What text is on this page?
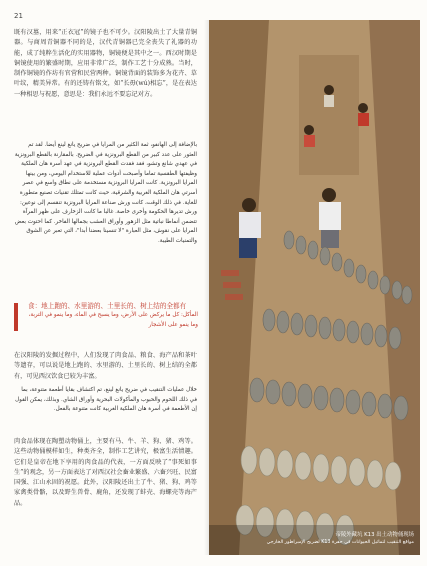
21

既有汉墓，用来“正衣冠”的镜子也不可少。汉阳陵出土了大量青铜器。与商周青铜器不同的是，汉代青铜器已完全丧失了礼器的功能，成了纯粹生活化的实用器物，铜镜便是其中之一。西汉时期是铜镜使用的繁盛时期，应用非常广泛，制作工艺十分成熟。当时，制作铜镜的作坊有官营和民营两种。铜镜背面的装饰多为花卉、草叶纹，精美异常。有的还铸有铭文，如“长毋(wú)相忘”，是在表达一种相思与祝愿，意思是：我们永远不要忘记对方。

بالإضافة إلى الهانفو، ثمة الكثير من المرايا في ضريح يانغ لينغ أيضا. لقد تم العثور على عدد كبير من القطع البرونزية في الضريح. بالمقارنة بالقطع البرونزية في عهدي شانغ وتشو، فقد فقدت القطع البرونزية في عهد أسرة هان الملكية وظيفتها الطقسية تماما وأصبحت أدوات عملية للاستخدام اليومي، ومن بينها المرايا البرونزية. كانت المرايا البرونزية مستخدمة على نطاق واسع في عصر أسرتي هان الملكية الغربية والشرقية، حيث كانت تمتلك تقنيات تصنيع متطورة للغاية. في ذلك الوقت، كانت ورش صناعة المرايا البرونزية تنقسم إلى نوعين: ورش تديرها الحكومة وأخرى خاصة. غالبا ما كانت الزخارف على ظهر المرآة تتضمن أنماطا نباتية مثل الزهور وأوراق العشب بجمالها الفاخر. كما احتوت بعض المرايا على نقوش، مثل العبارة "لا تنسينا بعضنا أبدا"، التي تعبر عن الشوق والتمنيات الطيبة.

食：地上跑的、水里游的、土里长的、树上结的全都有

المأكل: كل ما يركض على الأرض، وما يسبح في الماء، وما ينمو في التربة، وما ينمو على الأشجار

在汉阳陵的发掘过程中，人们发现了肉食品、粮食、海产品和茶叶等遗存，可以说是地上跑的、水里游的、土里长的、树上结的全都有，可见西汉饮食已较为丰富。

خلال عمليات التنقيب في ضريح يانغ لينغ، تم اكتشاف بقايا أطعمة متنوعة، بما في ذلك اللحوم والحبوب والمأكولات البحرية وأوراق الشاي. وبذلك، يمكن القول إن الأطعمة في أسرة هان الملكية الغربية كانت متنوعة بالفعل.

肉食品体现在陶塑动物俑上，主要有马、牛、羊、狗、猪、鸡等。这些动物俑模样如生，种类齐全，制作工艺讲究，极富生活情趣。它们是皇帝在地下享用的肉食品的代表，一方面反映了“事死如事生”的观念，另一方面表达了对西汉社会畜业繁盛、六畜兴旺、民富国强、江山永固的祝愿。此外，汉阳陵还出土了牛、猪、狗、鸡等家禽类骨骼，以及野生兽骨、鹿角，还发现了蚌壳、海螺壳等海产品。

帝陵外藏坑 K13 出土动物俑现场

مواقع التنقيب لتماثيل الحيوانات في حفرة K13 لضريح الإمبراطور الخارجي
